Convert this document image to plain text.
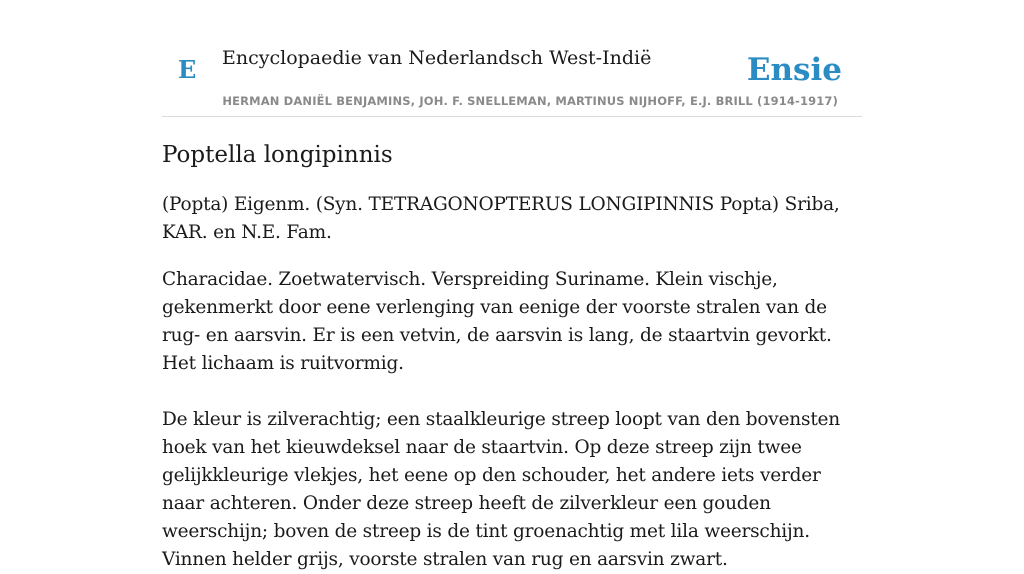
E Encyclopaedie van Nederlandsch West-Indië	Ensie
HERMAN DANIËL BENJAMINS, JOH. F. SNELLEMAN, MARTINUS NIJHOFF, E.J. BRILL (1914-1917)
Poptella longipinnis

(Popta) Eigenm. (Syn. TETRAGONOPTERUS LONGIPINNIS Popta) Sriba, KAR. en N.E. Fam.

Characidae. Zoetwatervisch. Verspreiding Suriname. Klein vischje, gekenmerkt door eene verlenging van eenige der voorste stralen van de rug- en aarsvin. Er is een vetvin, de aarsvin is lang, de staartvin gevorkt. Het lichaam is ruitvormig.

De kleur is zilverachtig; een staalkleurige streep loopt van den bovensten hoek van het kieuwdeksel naar de staartvin. Op deze streep zijn twee gelijkkleurige vlekjes, het eene op den schouder, het andere iets verder naar achteren. Onder deze streep heeft de zilverkleur een gouden weerschijn; boven de streep is de tint groenachtig met lila weerschijn. Vinnen helder grijs, voorste stralen van rug en aarsvin zwart.
